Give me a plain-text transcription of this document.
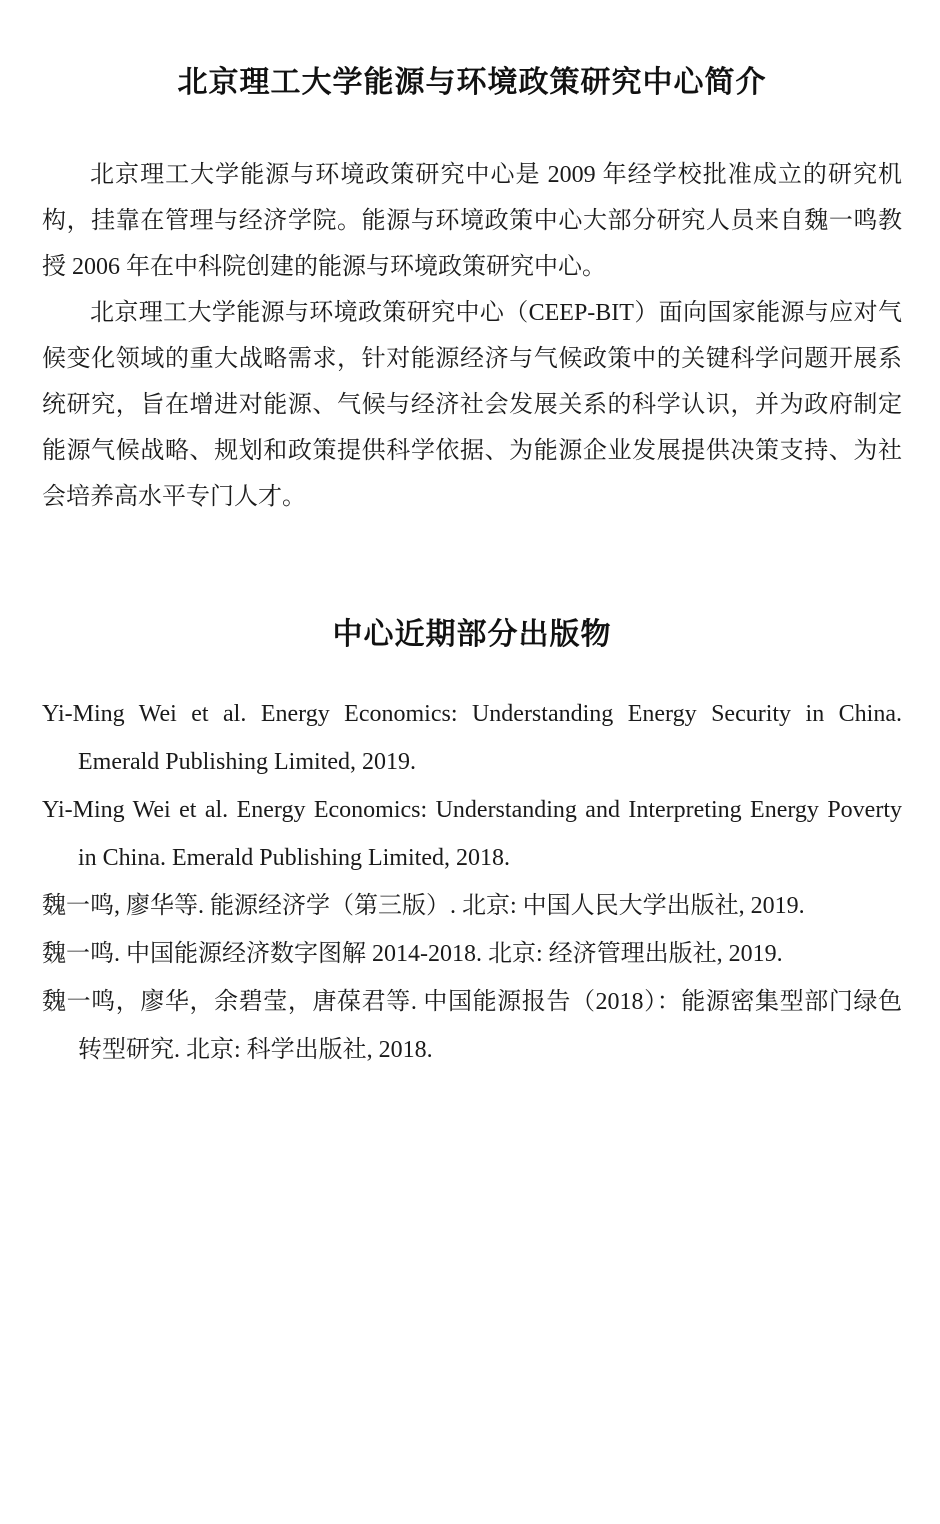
北京理工大学能源与环境政策研究中心简介

北京理工大学能源与环境政策研究中心是 2009 年经学校批准成立的研究机构，挂靠在管理与经济学院。能源与环境政策中心大部分研究人员来自魏一鸣教授 2006 年在中科院创建的能源与环境政策研究中心。

北京理工大学能源与环境政策研究中心（CEEP-BIT）面向国家能源与应对气候变化领域的重大战略需求，针对能源经济与气候政策中的关键科学问题开展系统研究，旨在增进对能源、气候与经济社会发展关系的科学认识，并为政府制定能源气候战略、规划和政策提供科学依据、为能源企业发展提供决策支持、为社会培养高水平专门人才。

中心近期部分出版物

Yi-Ming Wei et al. Energy Economics: Understanding Energy Security in China. Emerald Publishing Limited, 2019.

Yi-Ming Wei et al. Energy Economics: Understanding and Interpreting Energy Poverty in China. Emerald Publishing Limited, 2018.

魏一鸣, 廖华等. 能源经济学（第三版）. 北京: 中国人民大学出版社, 2019.

魏一鸣. 中国能源经济数字图解 2014-2018. 北京: 经济管理出版社, 2019.

魏一鸣，廖华，余碧莹，唐葆君等. 中国能源报告（2018）：能源密集型部门绿色转型研究. 北京: 科学出版社, 2018.
